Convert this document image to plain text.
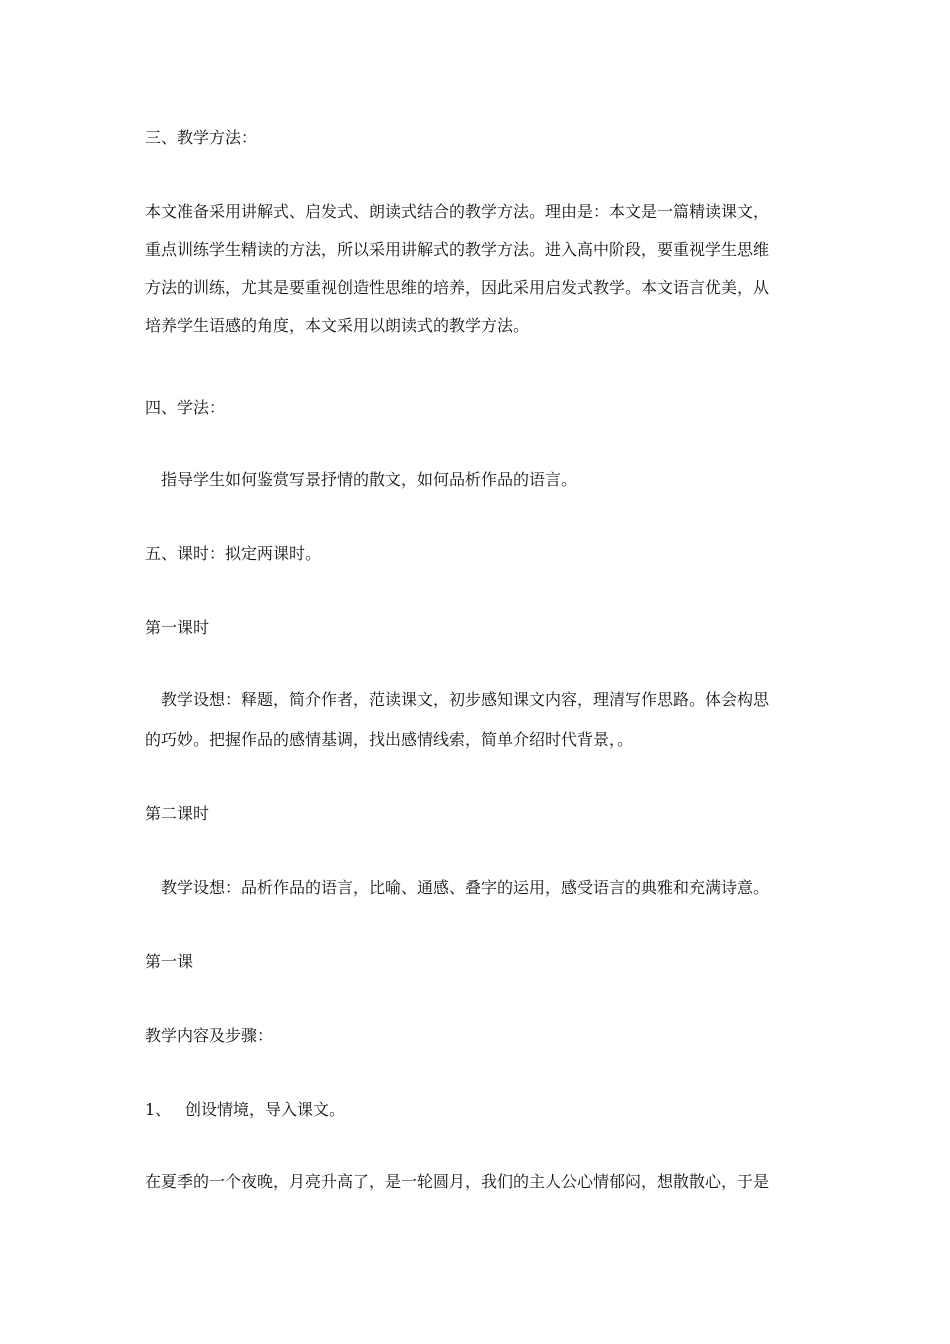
三、教学方法：
本文准备采用讲解式、启发式、朗读式结合的教学方法。理由是：本文是一篇精读课文，
重点训练学生精读的方法，所以采用讲解式的教学方法。进入高中阶段，要重视学生思维
方法的训练，尤其是要重视创造性思维的培养，因此采用启发式教学。本文语言优美，从
培养学生语感的角度，本文采用以朗读式的教学方法。
四、学法：
指导学生如何鉴赏写景抒情的散文，如何品析作品的语言。
五、课时：拟定两课时。
第一课时
教学设想：释题，简介作者，范读课文，初步感知课文内容，理清写作思路。体会构思
的巧妙。把握作品的感情基调，找出感情线索，简单介绍时代背景，。
第二课时
教学设想：品析作品的语言，比喻、通感、叠字的运用，感受语言的典雅和充满诗意。
第一课
教学内容及步骤：
1、 创设情境，导入课文。
在夏季的一个夜晚，月亮升高了，是一轮圆月，我们的主人公心情郁闷，想散散心，于是
